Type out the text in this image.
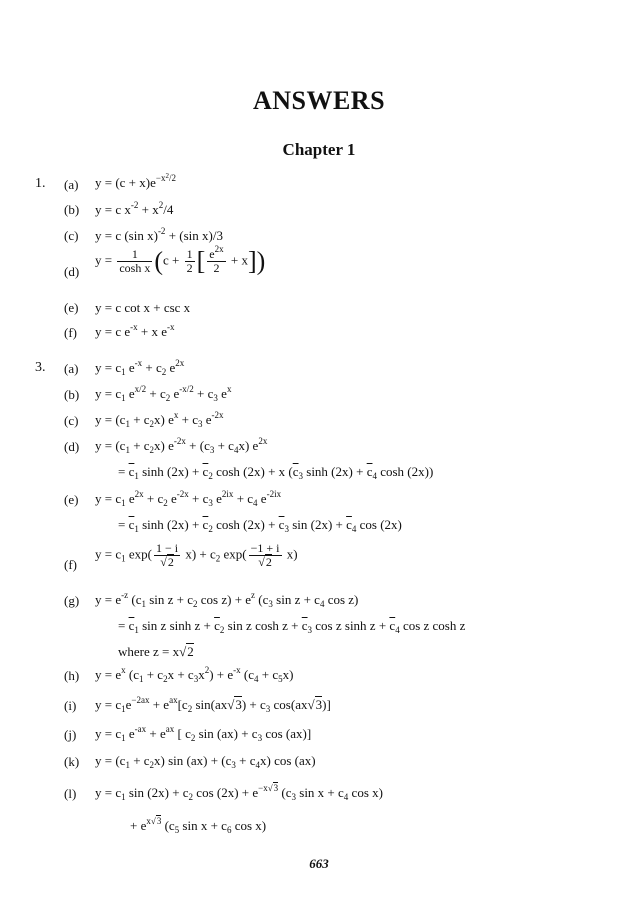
ANSWERS
Chapter 1
1. (a) $y = (c + x)e^{-x^2/2}$
(b) y = c $x^{-2} + x^2/4$
(c) y = c (sin x)$^{-2}$ + (sin x)/3
(d)
$y = \frac{1}{\text{cosh x}} (c + \frac{1}{2}$ [ $\frac{e^{2x}}{2} + x$])
(e) y = c cot x + csc x
(f) y = c $e^{-x} + x$ $e^{-x}$
3. (a) $y = c_1$ $e^{-x} + c_2$ $e^{2x}$
(b) $y = c_1$ $e^{x/2} + c_2$ $e^{-x/2} + c_3$ $e^x$
(c) $y = (c_1 + c_2x) e^x + c_3$ $e^{-2x}$
(d) $y = (c_1 + c_2x) e^{-2x} + (c_3 + c_4x)$ $e^{2x}$
= $\overline{c}_1$ $\sinh (2x) + \overline{c}_2$ cosh (2x) + x ($\overline{c}_3$ $\sinh (2x) + \overline{c}_4$ cosh (2x))
(e) $y = c_1$ $e^{2x} + c_2$ $e^{-2x} + c_3$ $e^{2ix} + c_4$ $e^{-2ix}$
= $\overline{c}_1$ $\sinh (2x) + \overline{c}_2$ $\cosh (2x) + \overline{c}_3$ $\sin (2x) + \overline{c}_4$ cos (2x)
(f)
$y = c_1$ $\exp( \frac{1 - i}{√2} x) + c_2$ $\exp( \frac{-1 + i}{√2} x)$
(g) $y = e^{-z}$ ($c_1$ $\sin z + c_2$ $\cos z) + e^z$ ($c_3$ $\sin z + c_4$ cos z)
= $\overline{c}_1$ sin z $\sinh z + \overline{c}_2$ sin z $\cosh z + \overline{c}_3$ cos z $\sinh z + \overline{c}_4$ cos z cosh z
where z = x√2
(h) $y = e^x$ $(c_1 + c_2x + c_3x^2) + e^{-x}$ $(c_4 + c_5x)$
(i) $y = c_1e^{-2ax} + e^{ax}[c_2$ $\sin(ax√3) + c_3$ cos(ax√3)]
(j) $y = c_1$ $e^{-ax} + e^{ax}$ [ $c_2$ $\sin (ax) + c_3$ cos (ax)]
(k) $y = (c_1 + c_2x)$ $\sin (ax) + (c_3 + c_4x)$ cos (ax)
(l) $y = c_1$ $\sin (2x) + c_2$ $\cos (2x) + e^{-x√3}$ ($c_3$ $\sin x + c_4$ cos x)
+ $e^{x√3}$ ($c_5$ $\sin x + c_6$ cos x)
663
